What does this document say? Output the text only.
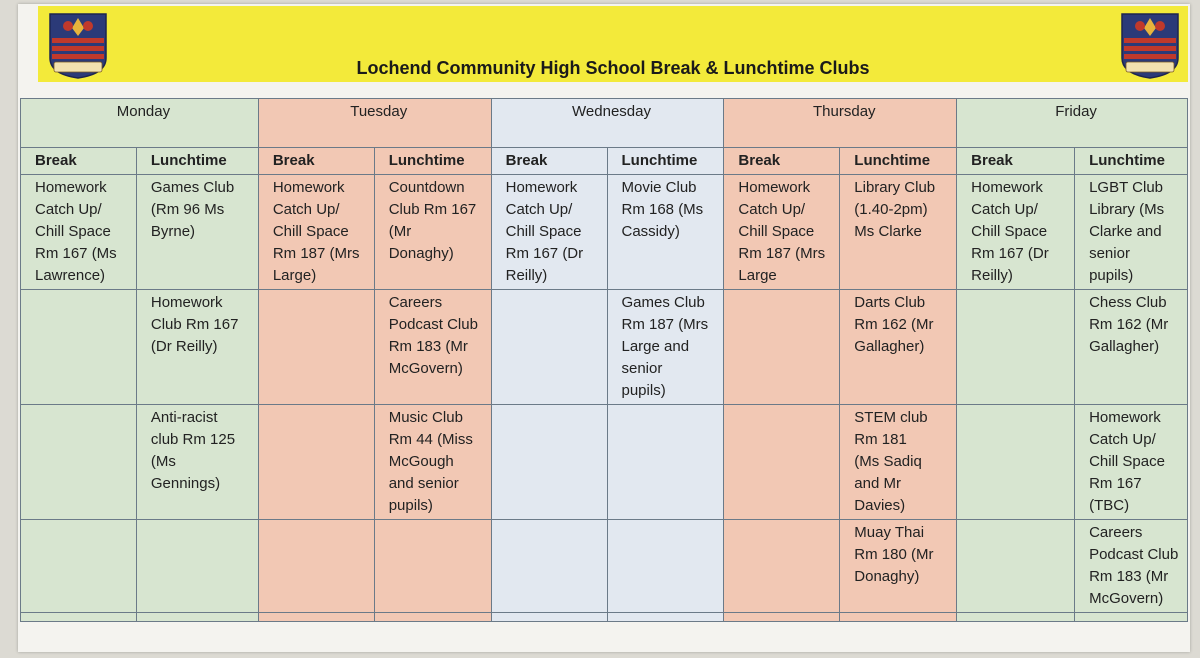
Lochend Community High School Break & Lunchtime Clubs
Monday		Tuesday		Wednesday		Thursday		Friday	
Break	Lunchtime	Break	Lunchtime	Break	Lunchtime	Break	Lunchtime	Break	Lunchtime

Homework
Catch Up/
Chill Space
Rm 167 (Ms
Lawrence)	Games Club
(Rm 96 Ms
Byrne)	Homework
Catch Up/
Chill Space
Rm 187 (Mrs
Large)	Countdown
Club Rm 167
(Mr
Donaghy)	Homework
Catch Up/
Chill Space
Rm 167 (Dr
Reilly)	Movie Club
Rm 168 (Ms
Cassidy)	Homework
Catch Up/
Chill Space
Rm 187 (Mrs
Large	Library Club
(1.40-2pm)
Ms Clarke	Homework
Catch Up/
Chill Space
Rm 167 (Dr
Reilly)	LGBT Club
Library (Ms
Clarke and
senior
pupils)

	Homework
Club Rm 167
(Dr Reilly)		Careers
Podcast Club
Rm 183 (Mr
McGovern)		Games Club
Rm 187 (Mrs
Large and
senior
pupils)		Darts Club
Rm 162 (Mr
Gallagher)		Chess Club
Rm 162 (Mr
Gallagher)

	Anti-racist
club Rm 125
(Ms
Gennings)		Music Club
Rm 44 (Miss
McGough
and senior
pupils)				STEM club
Rm 181
(Ms Sadiq
and Mr
Davies)		Homework
Catch Up/
Chill Space
Rm 167
(TBC)

							Muay Thai
Rm 180 (Mr
Donaghy)		Careers
Podcast Club
Rm 183 (Mr
McGovern)
